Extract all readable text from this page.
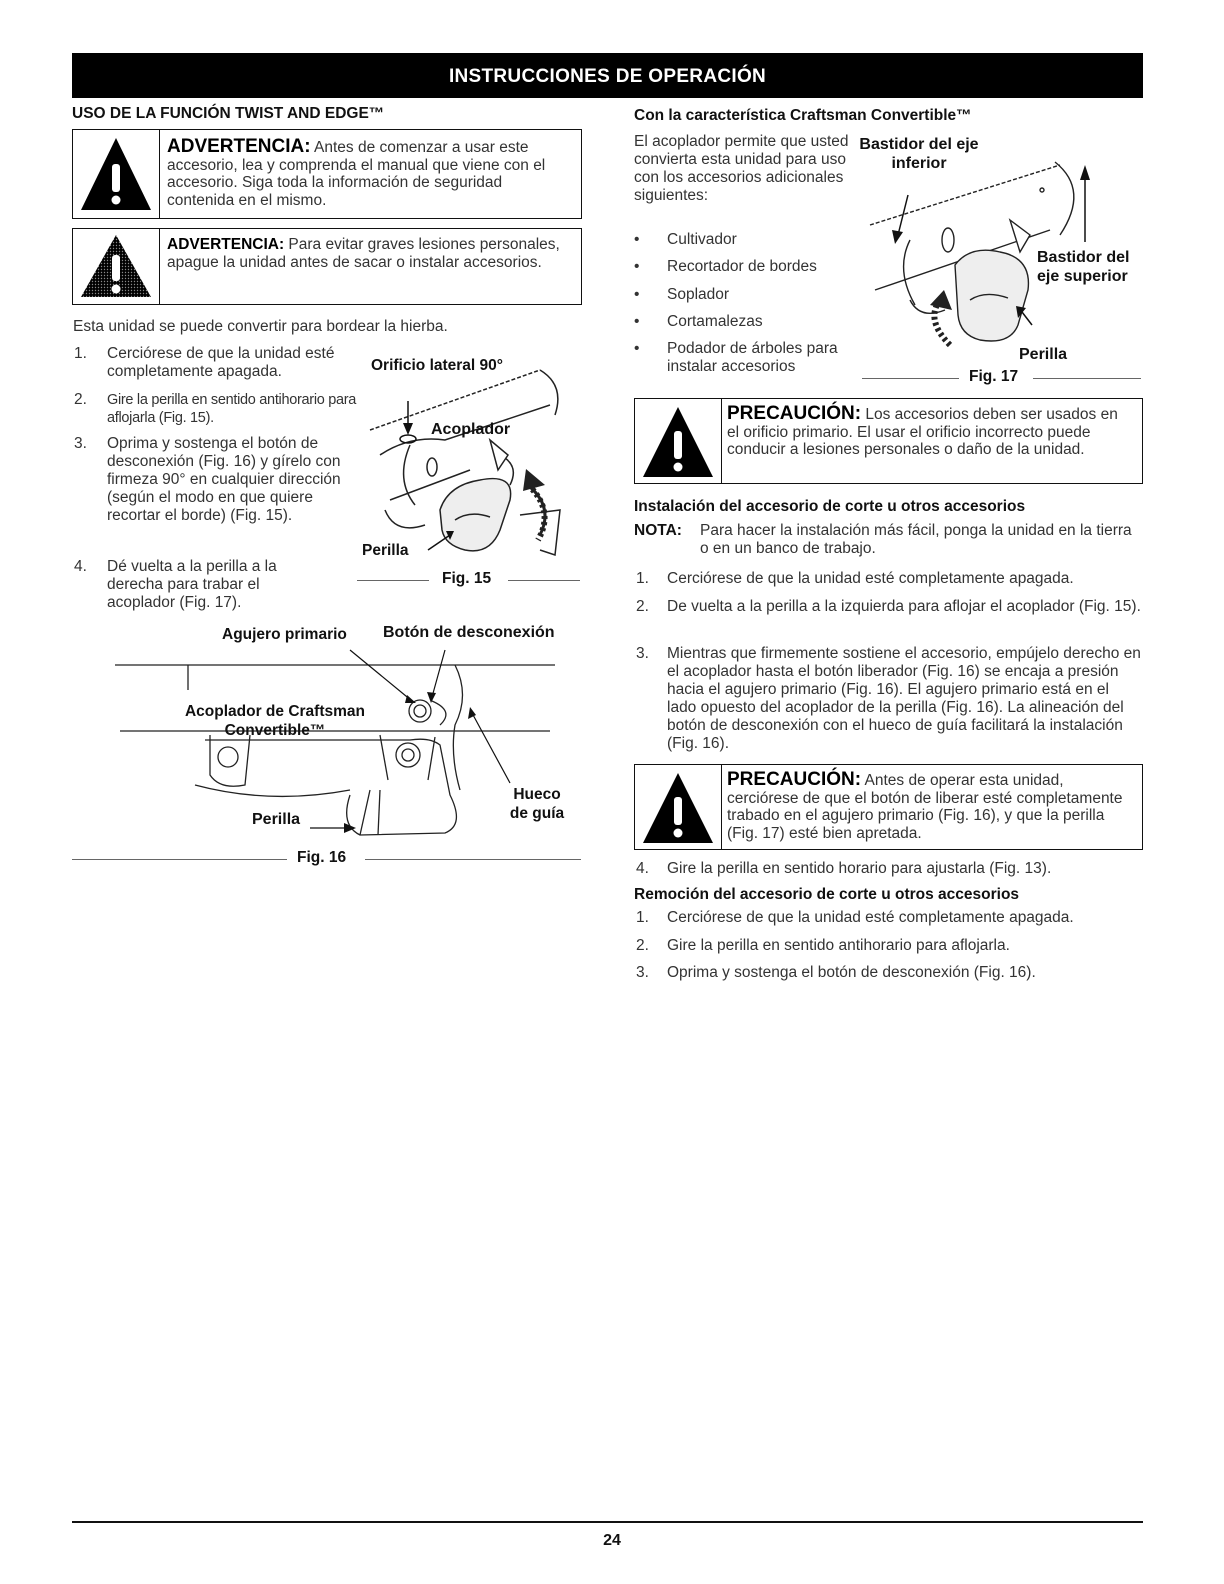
INSTRUCCIONES DE OPERACIÓN
USO DE LA FUNCIÓN TWIST AND EDGE™
ADVERTENCIA: Antes de comenzar a usar este accesorio, lea y comprenda el manual que viene con el accesorio. Siga toda la información de seguridad contenida en el mismo.
ADVERTENCIA: Para evitar graves lesiones personales, apague la unidad antes de sacar o instalar accesorios.
Esta unidad se puede convertir para bordear la hierba.
1. Cerciórese de que la unidad esté completamente apagada.
2. Gire la perilla en sentido antihorario para aflojarla (Fig. 15).
3. Oprima y sostenga el botón de desconexión (Fig. 16) y gírelo con firmeza 90° en cualquier dirección (según el modo en que quiere recortar el borde) (Fig. 15).
4. Dé vuelta a la perilla a la derecha para trabar el acoplador (Fig. 17).
Orificio lateral 90°
Acoplador
Perilla
Fig. 15
Agujero primario Botón de desconexión
Acoplador de Craftsman Convertible™
Perilla
Hueco de guía
Fig. 16
Con la característica Craftsman Convertible™
El acoplador permite que usted convierta esta unidad para uso con los accesorios adicionales siguientes:
• Cultivador
• Recortador de bordes
• Soplador
• Cortamalezas
• Podador de árboles para instalar accesorios
Bastidor del eje inferior
Bastidor del eje superior
Perilla
Fig. 17
PRECAUCIÓN: Los accesorios deben ser usados en el orificio primario. El usar el orificio incorrecto puede conducir a lesiones personales o daño de la unidad.
Instalación del accesorio de corte u otros accesorios
NOTA: Para hacer la instalación más fácil, ponga la unidad en la tierra o en un banco de trabajo.
1. Cerciórese de que la unidad esté completamente apagada.
2. De vuelta a la perilla a la izquierda para aflojar el acoplador (Fig. 15).
3. Mientras que firmemente sostiene el accesorio, empújelo derecho en el acoplador hasta el botón liberador (Fig. 16) se encaja a presión hacia el agujero primario (Fig. 16). El agujero primario está en el lado opuesto del acoplador de la perilla (Fig. 16). La alineación del botón de desconexión con el hueco de guía facilitará la instalación (Fig. 16).
PRECAUCIÓN: Antes de operar esta unidad, cerciórese de que el botón de liberar esté completamente trabado en el agujero primario (Fig. 16), y que la perilla (Fig. 17) esté bien apretada.
4. Gire la perilla en sentido horario para ajustarla (Fig. 13).
Remoción del accesorio de corte u otros accesorios
1. Cerciórese de que la unidad esté completamente apagada.
2. Gire la perilla en sentido antihorario para aflojarla.
3. Oprima y sostenga el botón de desconexión (Fig. 16).
24
